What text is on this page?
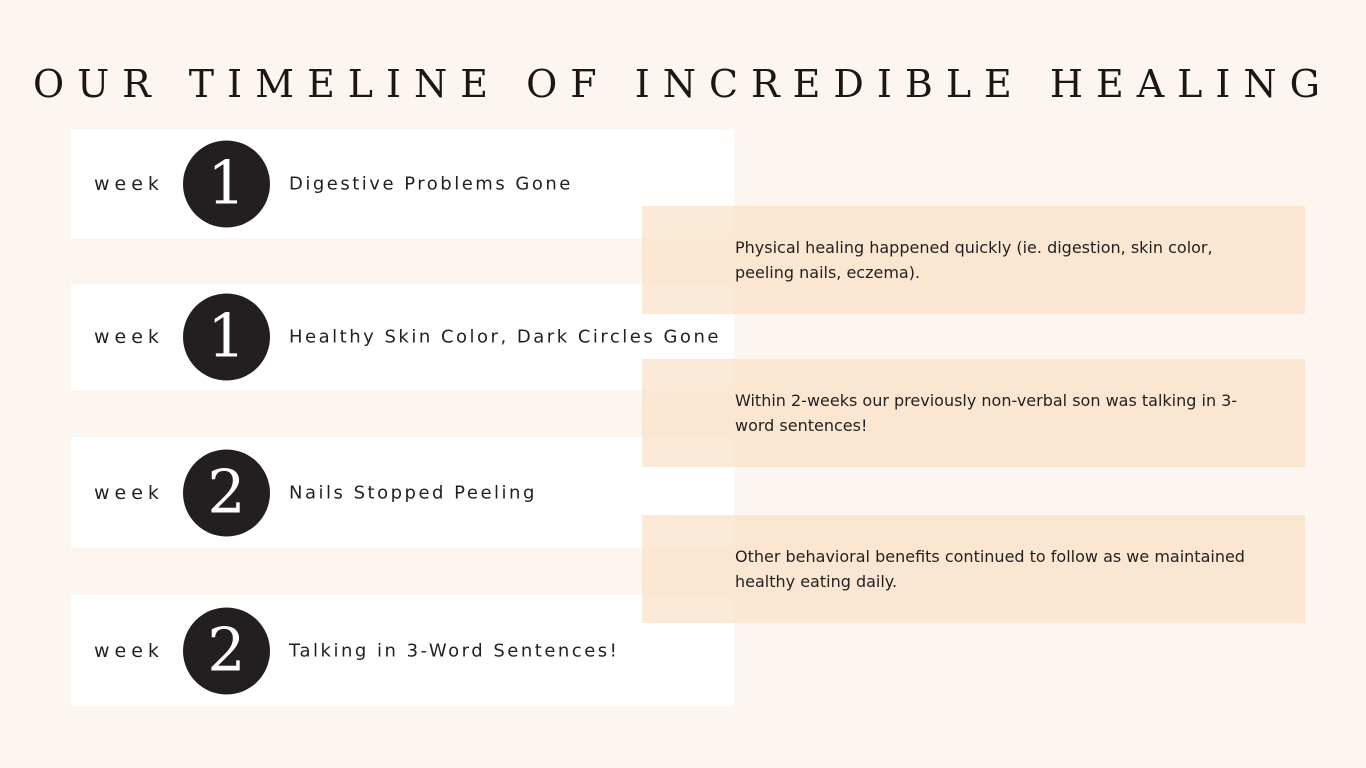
OUR TIMELINE OF INCREDIBLE HEALING
week 1	Digestive Problems Gone
week 1	Healthy Skin Color, Dark Circles Gone
week 2	Nails Stopped Peeling
week 2	Talking in 3-Word Sentences!
Physical healing happened quickly (ie. digestion, skin color, peeling nails, eczema).
Within 2-weeks our previously non-verbal son was talking in 3-word sentences!
Other behavioral benefits continued to follow as we maintained healthy eating daily.
